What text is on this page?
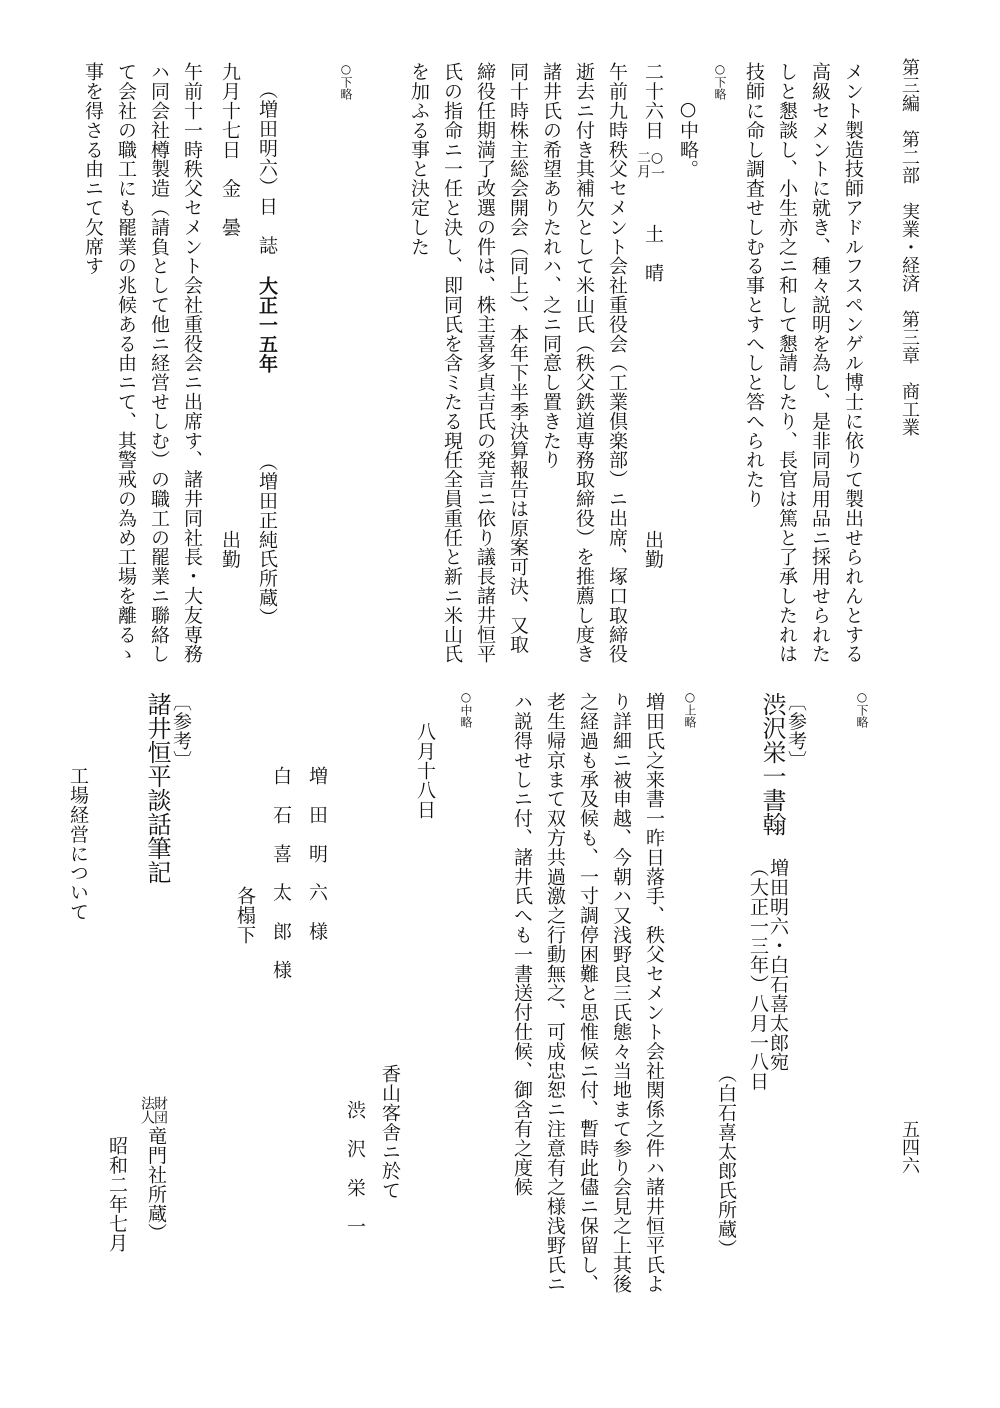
第三編　第二部　実業・経済　第三章　商工業
五四六
メント製造技師アドルフスペンゲル博士に依りて製出せられんとする
高級セメントに就き、種々説明を為し、是非同局用品ニ採用せられた
しと懇談し、小生亦之ニ和して懇請したり、長官は篤と了承したれは
技師に命し調査せしむる事とすへしと答へられたり
○下略
○中略。
二十六日
○一
二月
土　晴
出勤
午前九時秩父セメント会社重役会（工業倶楽部）ニ出席、塚口取締役
逝去ニ付き其補欠として米山氏（秩父鉄道専務取締役）を推薦し度き
諸井氏の希望ありたれハ、之ニ同意し置きたり
同十時株主総会開会（同上）、本年下半季決算報告は原案可決、又取
締役任期満了改選の件は、株主喜多貞吉氏の発言ニ依り議長諸井恒平
氏の指命ニ一任と決し、即同氏を含ミたる現任全員重任と新ニ米山氏
を加ふる事と決定した
○下略
（増田明六）日　誌
大正一五年
（増田正純氏所蔵）
九月十七日　金　曇
出勤
午前十一時秩父セメント会社重役会ニ出席す、諸井同社長・大友専務
ハ同会社樽製造（請負として他ニ経営せしむ）の職工の罷業ニ聯絡し
て会社の職工にも罷業の兆候ある由ニて、其警戒の為め工場を離るゝ
事を得さる由ニて欠席す
○下略
〔参考〕
渋沢栄一書翰
増田明六・白石喜太郎宛
（大正一三年）八月一八日
（白石喜太郎氏所蔵）
○上略
増田氏之来書一昨日落手、秩父セメント会社関係之件ハ諸井恒平氏よ
り詳細ニ被申越、今朝ハ又浅野良三氏態々当地まて参り会見之上其後
之経過も承及候も、一寸調停困難と思惟候ニ付、暫時此儘ニ保留し、
老生帰京まて双方共過激之行動無之、可成忠恕ニ注意有之様浅野氏ニ
ハ説得せしニ付、諸井氏へも一書送付仕候、御含有之度候
○中略
八月十八日
香山客舎ニ於て
渋　沢　栄　一
増　田　明　六　様
白　石　喜　太　郎　様
各榻下
〔参考〕
諸井恒平談話筆記
財団
法人
竜門社所蔵）
昭和二年七月
工場経営について
